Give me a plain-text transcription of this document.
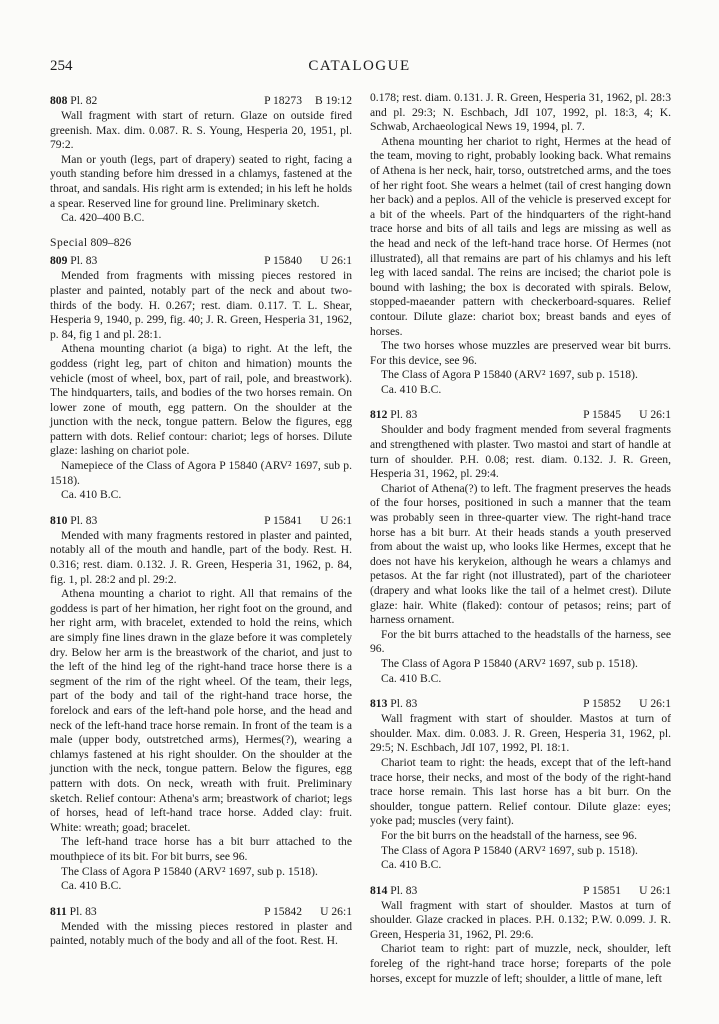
254	CATALOGUE
808 Pl. 82	P 18273 B 19:12

Wall fragment with start of return. Glaze on outside fired greenish. Max. dim. 0.087. R. S. Young, Hesperia 20, 1951, pl. 79:2.

Man or youth (legs, part of drapery) seated to right, facing a youth standing before him dressed in a chlamys, fastened at the throat, and sandals. His right arm is extended; in his left he holds a spear. Reserved line for ground line. Preliminary sketch.

Ca. 420–400 B.C.
Special 809–826
809 Pl. 83	P 15840 U 26:1

Mended from fragments with missing pieces restored in plaster and painted, notably part of the neck and about two-thirds of the body. H. 0.267; rest. diam. 0.117. T. L. Shear, Hesperia 9, 1940, p. 299, fig. 40; J. R. Green, Hesperia 31, 1962, p. 84, fig 1 and pl. 28:1.

Athena mounting chariot (a biga) to right. At the left, the goddess (right leg, part of chiton and himation) mounts the vehicle (most of wheel, box, part of rail, pole, and breastwork). The hindquarters, tails, and bodies of the two horses remain. On lower zone of mouth, egg pattern. On the shoulder at the junction with the neck, tongue pattern. Below the figures, egg pattern with dots. Relief contour: chariot; legs of horses. Dilute glaze: lashing on chariot pole.

Namepiece of the Class of Agora P 15840 (ARV² 1697, sub p. 1518).

Ca. 410 B.C.
810 Pl. 83	P 15841 U 26:1

Mended with many fragments restored in plaster and painted, notably all of the mouth and handle, part of the body. Rest. H. 0.316; rest. diam. 0.132. J. R. Green, Hesperia 31, 1962, p. 84, fig. 1, pl. 28:2 and pl. 29:2.

Athena mounting a chariot to right. All that remains of the goddess is part of her himation, her right foot on the ground, and her right arm, with bracelet, extended to hold the reins, which are simply fine lines drawn in the glaze before it was completely dry. Below her arm is the breastwork of the chariot, and just to the left of the hind leg of the right-hand trace horse there is a segment of the rim of the right wheel. Of the team, their legs, part of the body and tail of the right-hand trace horse, the forelock and ears of the left-hand pole horse, and the head and neck of the left-hand trace horse remain. In front of the team is a male (upper body, outstretched arms), Hermes(?), wearing a chlamys fastened at his right shoulder. On the shoulder at the junction with the neck, tongue pattern. Below the figures, egg pattern with dots. On neck, wreath with fruit. Preliminary sketch. Relief contour: Athena's arm; breastwork of chariot; legs of horses, head of left-hand trace horse. Added clay: fruit. White: wreath; goad; bracelet.

The left-hand trace horse has a bit burr attached to the mouthpiece of its bit. For bit burrs, see 96.

The Class of Agora P 15840 (ARV² 1697, sub p. 1518).

Ca. 410 B.C.
811 Pl. 83	P 15842 U 26:1

Mended with the missing pieces restored in plaster and painted, notably much of the body and all of the foot. Rest. H.

0.178; rest. diam. 0.131. J. R. Green, Hesperia 31, 1962, pl. 28:3 and pl. 29:3; N. Eschbach, JdI 107, 1992, pl. 18:3, 4; K. Schwab, Archaeological News 19, 1994, pl. 7.

Athena mounting her chariot to right, Hermes at the head of the team, moving to right, probably looking back. What remains of Athena is her neck, hair, torso, outstretched arms, and the toes of her right foot. She wears a helmet (tail of crest hanging down her back) and a peplos. All of the vehicle is preserved except for a bit of the wheels. Part of the hindquarters of the right-hand trace horse and bits of all tails and legs are missing as well as the head and neck of the left-hand trace horse. Of Hermes (not illustrated), all that remains are part of his chlamys and his left leg with laced sandal. The reins are incised; the chariot pole is bound with lashing; the box is decorated with spirals. Below, stopped-maeander pattern with checkerboard-squares. Relief contour. Dilute glaze: chariot box; breast bands and eyes of horses.

The two horses whose muzzles are preserved wear bit burrs. For this device, see 96.

The Class of Agora P 15840 (ARV² 1697, sub p. 1518).

Ca. 410 B.C.
812 Pl. 83	P 15845 U 26:1

Shoulder and body fragment mended from several fragments and strengthened with plaster. Two mastoi and start of handle at turn of shoulder. P.H. 0.08; rest. diam. 0.132. J. R. Green, Hesperia 31, 1962, pl. 29:4.

Chariot of Athena(?) to left. The fragment preserves the heads of the four horses, positioned in such a manner that the team was probably seen in three-quarter view. The right-hand trace horse has a bit burr. At their heads stands a youth preserved from about the waist up, who looks like Hermes, except that he does not have his kerykeion, although he wears a chlamys and petasos. At the far right (not illustrated), part of the charioteer (drapery and what looks like the tail of a helmet crest). Dilute glaze: hair. White (flaked): contour of petasos; reins; part of harness ornament.

For the bit burrs attached to the headstalls of the harness, see 96.

The Class of Agora P 15840 (ARV² 1697, sub p. 1518).

Ca. 410 B.C.
813 Pl. 83	P 15852 U 26:1

Wall fragment with start of shoulder. Mastos at turn of shoulder. Max. dim. 0.083. J. R. Green, Hesperia 31, 1962, pl. 29:5; N. Eschbach, JdI 107, 1992, Pl. 18:1.

Chariot team to right: the heads, except that of the left-hand trace horse, their necks, and most of the body of the right-hand trace horse remain. This last horse has a bit burr. On the shoulder, tongue pattern. Relief contour. Dilute glaze: eyes; yoke pad; muscles (very faint).

For the bit burrs on the headstall of the harness, see 96.

The Class of Agora P 15840 (ARV² 1697, sub p. 1518).

Ca. 410 B.C.
814 Pl. 83	P 15851 U 26:1

Wall fragment with start of shoulder. Mastos at turn of shoulder. Glaze cracked in places. P.H. 0.132; P.W. 0.099. J. R. Green, Hesperia 31, 1962, Pl. 29:6.

Chariot team to right: part of muzzle, neck, shoulder, left foreleg of the right-hand trace horse; foreparts of the pole horses, except for muzzle of left; shoulder, a little of mane, left
